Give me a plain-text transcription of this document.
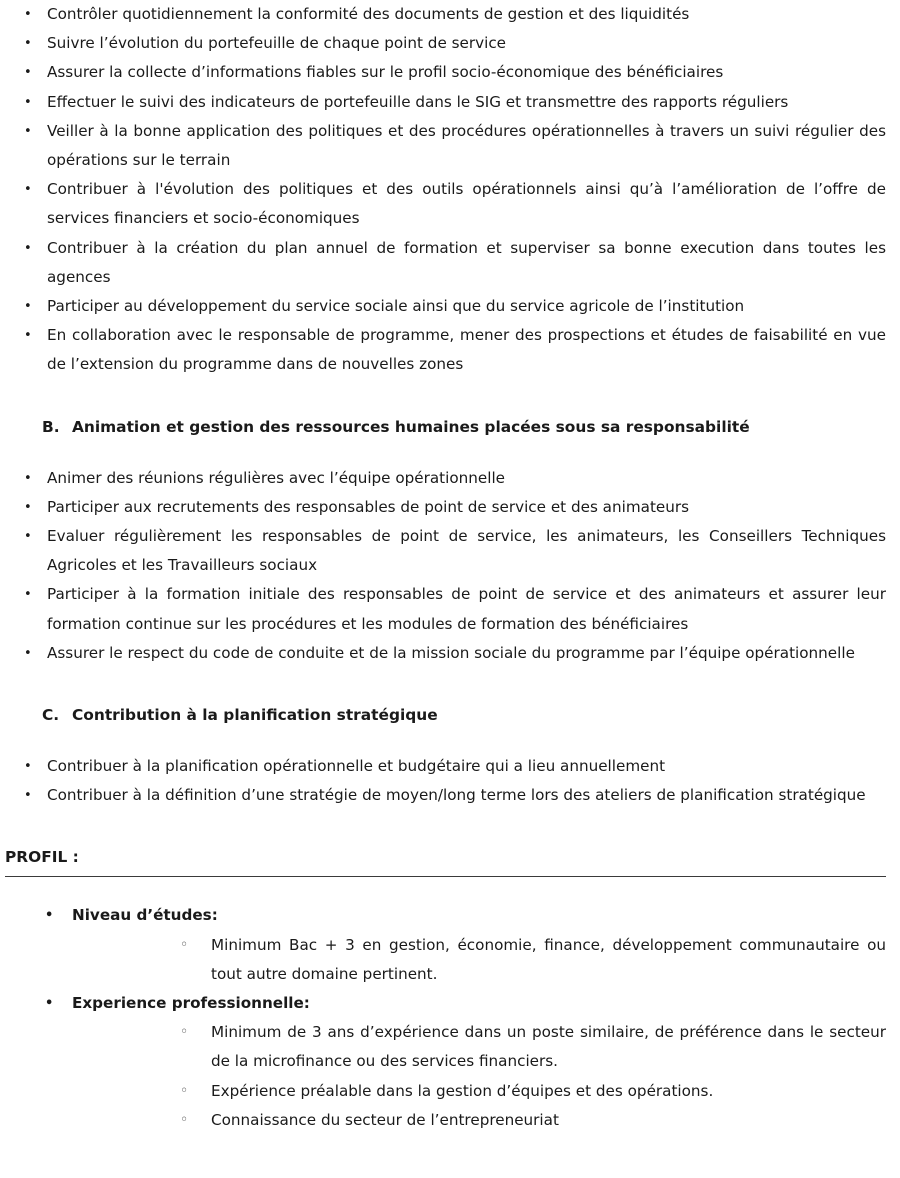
• Contrôler quotidiennement la conformité des documents de gestion et des liquidités
• Suivre l’évolution du portefeuille de chaque point de service
• Assurer la collecte d’informations fiables sur le profil socio-économique des bénéficiaires
• Effectuer le suivi des indicateurs de portefeuille dans le SIG et transmettre des rapports réguliers
• Veiller à la bonne application des politiques et des procédures opérationnelles à travers un suivi régulier des opérations sur le terrain
• Contribuer à l'évolution des politiques et des outils opérationnels ainsi qu’à l’amélioration de l’offre de services financiers et socio-économiques
• Contribuer à la création du plan annuel de formation et superviser sa bonne execution dans toutes les agences
• Participer au développement du service sociale ainsi que du service agricole de l’institution
• En collaboration avec le responsable de programme, mener des prospections et études de faisabilité en vue de l’extension du programme dans de nouvelles zones
B. Animation et gestion des ressources humaines placées sous sa responsabilité
• Animer des réunions régulières avec l’équipe opérationnelle
• Participer aux recrutements des responsables de point de service et des animateurs
• Evaluer régulièrement les responsables de point de service, les animateurs, les Conseillers Techniques Agricoles et les Travailleurs sociaux
• Participer à la formation initiale des responsables de point de service et des animateurs et assurer leur formation continue sur les procédures et les modules de formation des bénéficiaires
• Assurer le respect du code de conduite et de la mission sociale du programme par l’équipe opérationnelle
C. Contribution à la planification stratégique
• Contribuer à la planification opérationnelle et budgétaire qui a lieu annuellement
• Contribuer à la définition d’une stratégie de moyen/long terme lors des ateliers de planification stratégique
PROFIL :
• Niveau d’études:
◦ Minimum Bac + 3 en gestion, économie, finance, développement communautaire ou tout autre domaine pertinent.
• Experience professionnelle:
◦ Minimum de 3 ans d’expérience dans un poste similaire, de préférence dans le secteur de la microfinance ou des services financiers.
◦ Expérience préalable dans la gestion d’équipes et des opérations.
◦ Connaissance du secteur de l’entrepreneuriat
